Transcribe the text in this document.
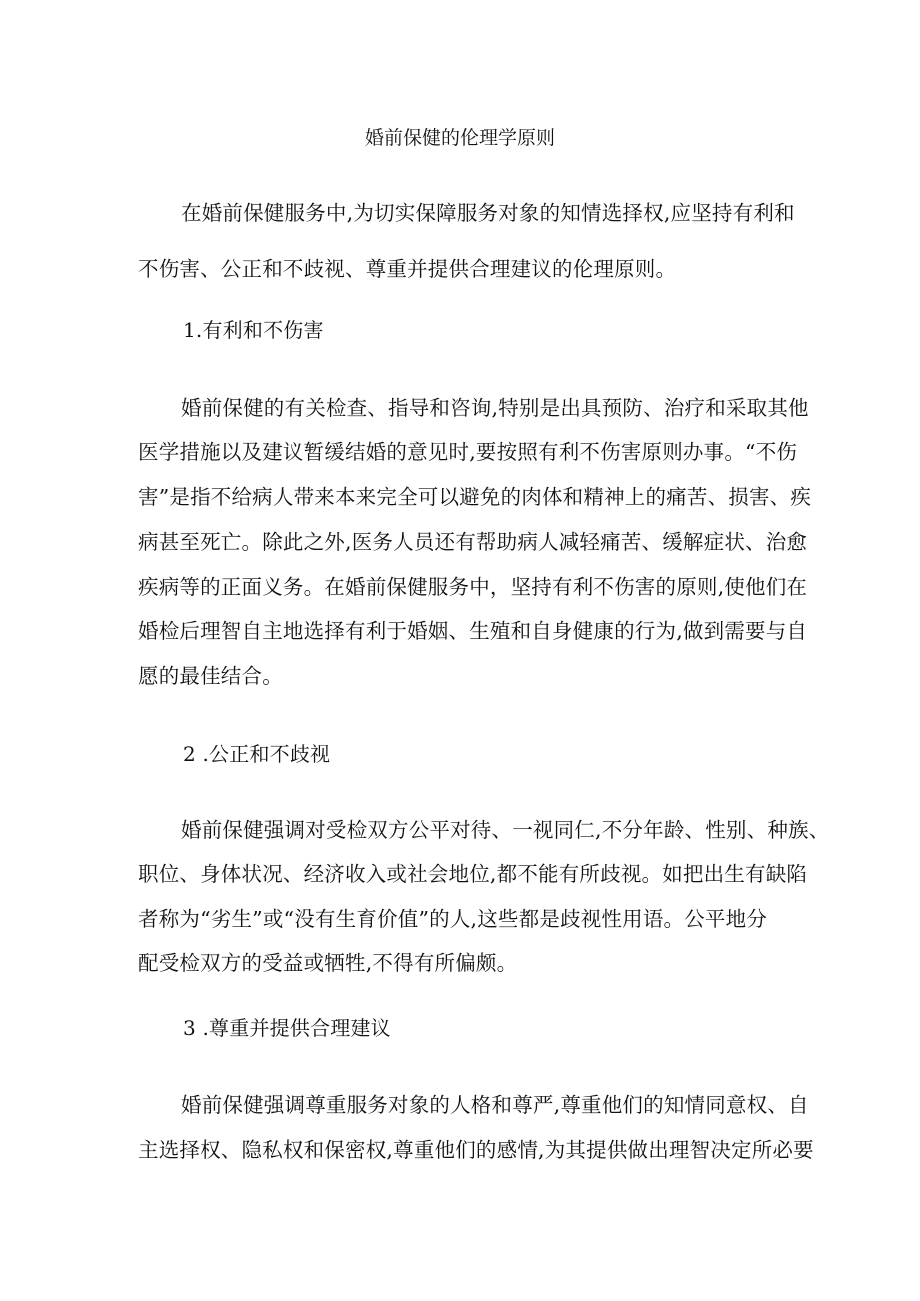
婚前保健的伦理学原则
在婚前保健服务中,为切实保障服务对象的知情选择权,应坚持有利和
不伤害、公正和不歧视、尊重并提供合理建议的伦理原则。
1.有利和不伤害
婚前保健的有关检查、指导和咨询,特别是出具预防、治疗和采取其他
医学措施以及建议暂缓结婚的意见时,要按照有利不伤害原则办事。“不伤
害”是指不给病人带来本来完全可以避免的肉体和精神上的痛苦、损害、疾
病甚至死亡。除此之外,医务人员还有帮助病人减轻痛苦、缓解症状、治愈
疾病等的正面义务。在婚前保健服务中，坚持有利不伤害的原则,使他们在
婚检后理智自主地选择有利于婚姻、生殖和自身健康的行为,做到需要与自
愿的最佳结合。
2 .公正和不歧视
婚前保健强调对受检双方公平对待、一视同仁,不分年龄、性别、种族、
职位、身体状况、经济收入或社会地位,都不能有所歧视。如把出生有缺陷
者称为“劣生”或“没有生育价值”的人,这些都是歧视性用语。公平地分
配受检双方的受益或牺牲,不得有所偏颇。
3 .尊重并提供合理建议
婚前保健强调尊重服务对象的人格和尊严,尊重他们的知情同意权、自
主选择权、隐私权和保密权,尊重他们的感情,为其提供做出理智决定所必要
